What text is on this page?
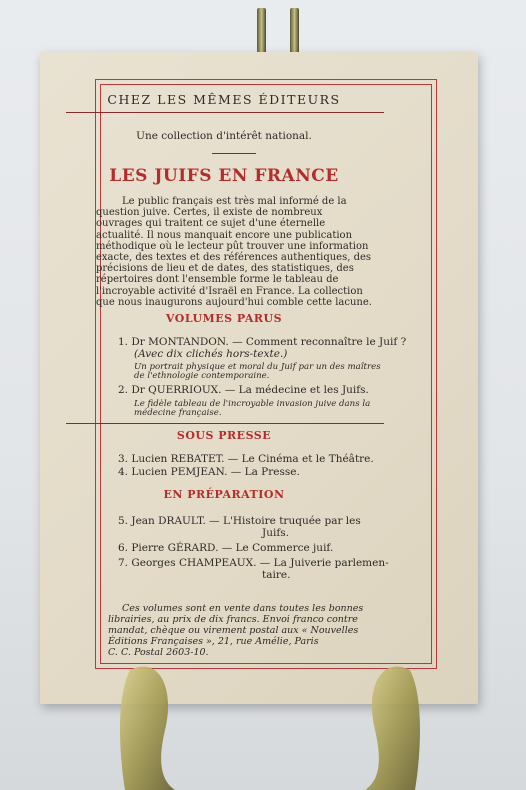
CHEZ LES MÊMES ÉDITEURS
Une collection d'intérêt national.
LES JUIFS EN FRANCE
Le public français est très mal informé de la
question juive. Certes, il existe de nombreux
ouvrages qui traitent ce sujet d'une éternelle
actualité. Il nous manquait encore une publication
méthodique où le lecteur pût trouver une information
exacte, des textes et des références authentiques, des
précisions de lieu et de dates, des statistiques, des
répertoires dont l'ensemble forme le tableau de
l'incroyable activité d'Israël en France. La collection
que nous inaugurons aujourd'hui comble cette lacune.
VOLUMES PARUS
1. Dr MONTANDON. — Comment reconnaître le Juif ?
(Avec dix clichés hors-texte.)
Un portrait physique et moral du Juif par un des maîtres
de l'ethnologie contemporaine.
2. Dr QUERRIOUX. — La médecine et les Juifs.
Le fidèle tableau de l'incroyable invasion juive dans la
médecine française.
SOUS PRESSE
3. Lucien REBATET. — Le Cinéma et le Théâtre.
4. Lucien PEMJEAN. — La Presse.
EN PRÉPARATION
5. Jean DRAULT. — L'Histoire truquée par les
Juifs.
6. Pierre GÉRARD. — Le Commerce juif.
7. Georges CHAMPEAUX. — La Juiverie parlemen-
taire.
Ces volumes sont en vente dans toutes les bonnes
librairies, au prix de dix francs. Envoi franco contre
mandat, chèque ou virement postal aux « Nouvelles
Éditions Françaises », 21, rue Amélie, Paris
C. C. Postal 2603-10.
